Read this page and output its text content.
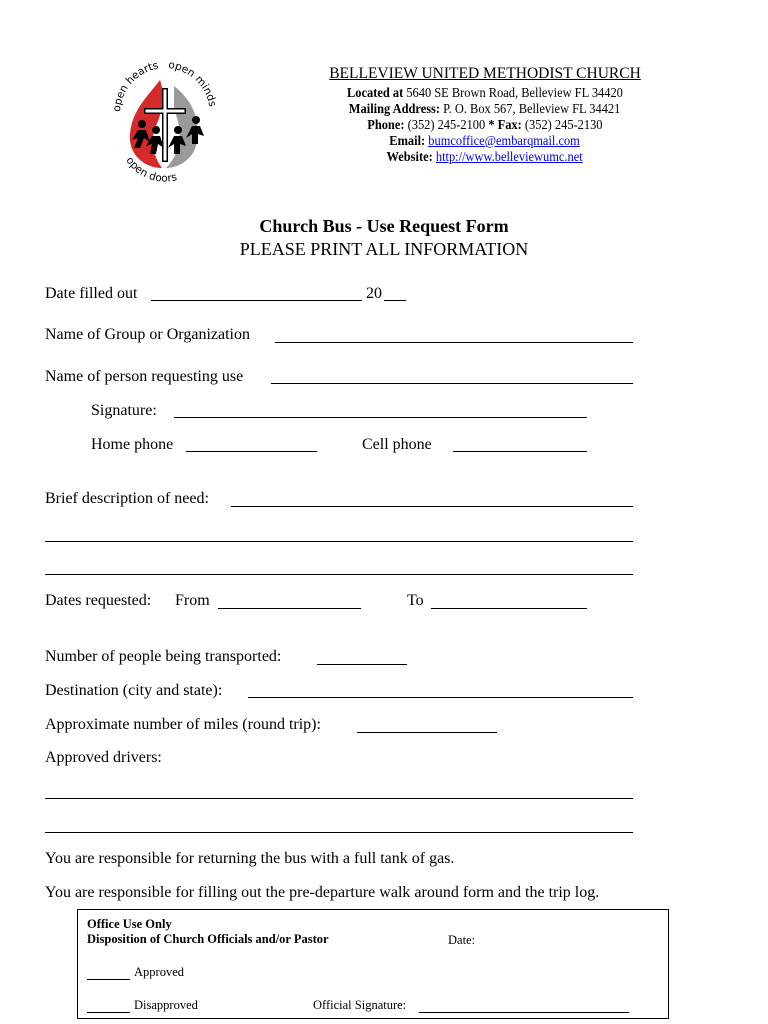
open hearts open minds
open doors
BELLEVIEW UNITED METHODIST CHURCH
Located at 5640 SE Brown Road, Belleview FL 34420
Mailing Address: P. O. Box 567, Belleview FL 34421
Phone: (352) 245-2100 * Fax: (352) 245-2130
Email: bumcoffice@embarqmail.com
Website: http://www.belleviewumc.net
Church Bus - Use Request Form
PLEASE PRINT ALL INFORMATION
Date filled out	20
Name of Group or Organization
Name of person requesting use
Signature:
Home phone	Cell phone
Brief description of need:
Dates requested: From	To
Number of people being transported:
Destination (city and state):
Approximate number of miles (round trip):
Approved drivers:
You are responsible for returning the bus with a full tank of gas.
You are responsible for filling out the pre-departure walk around form and the trip log.
Office Use Only
Disposition of Church Officials and/or Pastor	Date:
Approved
Disapproved	Official Signature:
